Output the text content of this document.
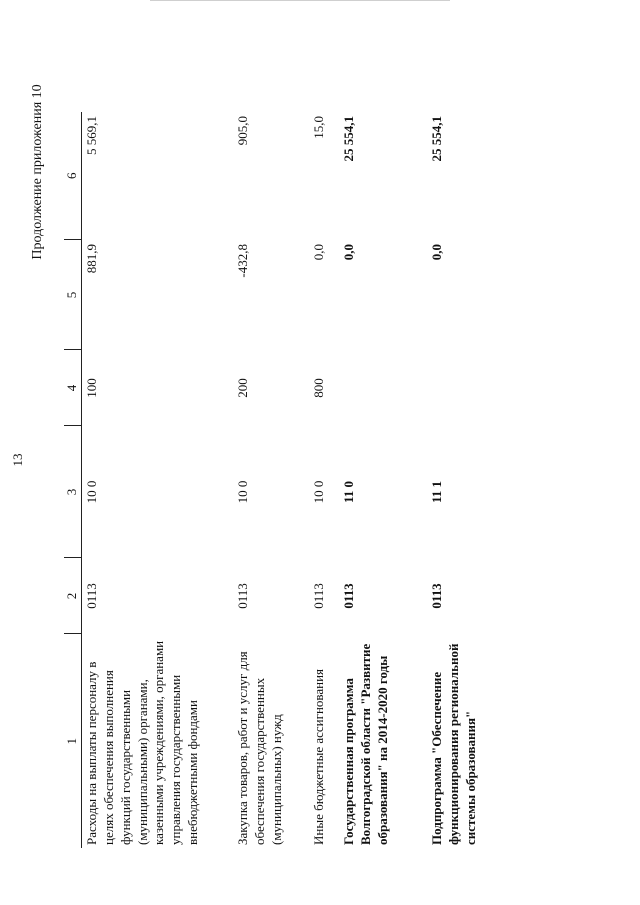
13
Продолжение приложения 10
1	2	3	4	5	6
Расходы на выплаты персоналу в целях обеспечения выполнения функций государственными (муниципальными) органами, казенными учреждениями, органами управления государственными внебюджетными фондами	0113	10 0	100	881,9	5 569,1
Закупка товаров, работ и услуг для обеспечения государственных (муниципальных) нужд	0113	10 0	200	-432,8	905,0
Иные бюджетные ассигнования	0113	10 0	800	0,0	15,0
Государственная программа Волгоградской области "Развитие образования" на 2014-2020 годы	0113	11 0		0,0	25 554,1
Подпрограмма "Обеспечение функционирования региональной системы образования"	0113	11 1		0,0	25 554,1
